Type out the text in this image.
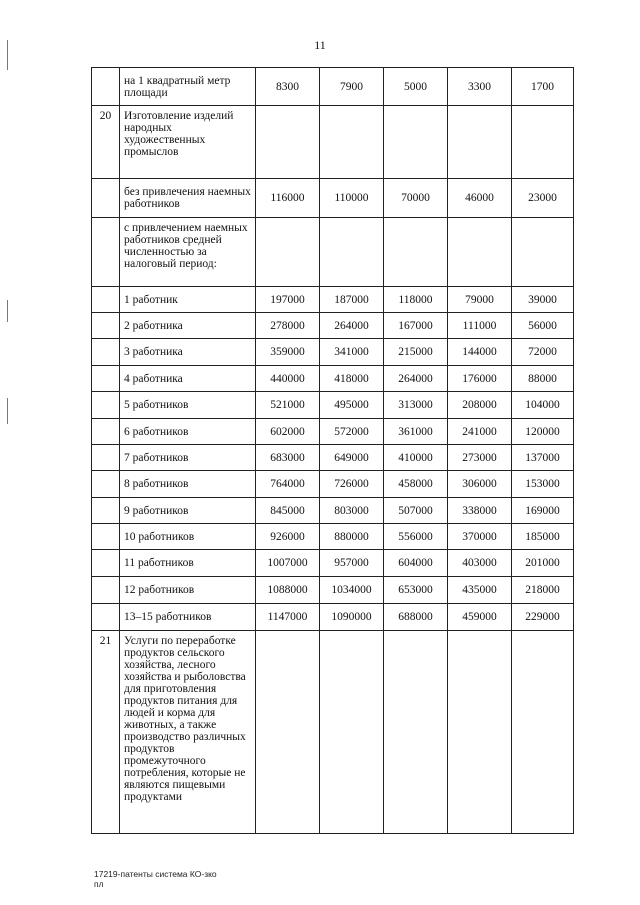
11
	на 1 квадратный метр площади	8300	7900	5000	3300	1700
20	Изготовление изделий народных художественных промыслов					
	без привлечения наемных работников	116000	110000	70000	46000	23000
	с привлечением наемных работников средней численностью за налоговый период:					
	1 работник	197000	187000	118000	79000	39000
	2 работника	278000	264000	167000	111000	56000
	3 работника	359000	341000	215000	144000	72000
	4 работника	440000	418000	264000	176000	88000
	5 работников	521000	495000	313000	208000	104000
	6 работников	602000	572000	361000	241000	120000
	7 работников	683000	649000	410000	273000	137000
	8 работников	764000	726000	458000	306000	153000
	9 работников	845000	803000	507000	338000	169000
	10 работников	926000	880000	556000	370000	185000
	11 работников	1007000	957000	604000	403000	201000
	12 работников	1088000	1034000	653000	435000	218000
	13–15 работников	1147000	1090000	688000	459000	229000
21	Услуги по переработке продуктов сельского хозяйства, лесного хозяйства и рыболовства для приготовления продуктов питания для людей и корма для животных, а также производство различных продуктов промежуточного потребления, которые не являются пищевыми продуктами					
17219-патенты система КО-зко
пл
